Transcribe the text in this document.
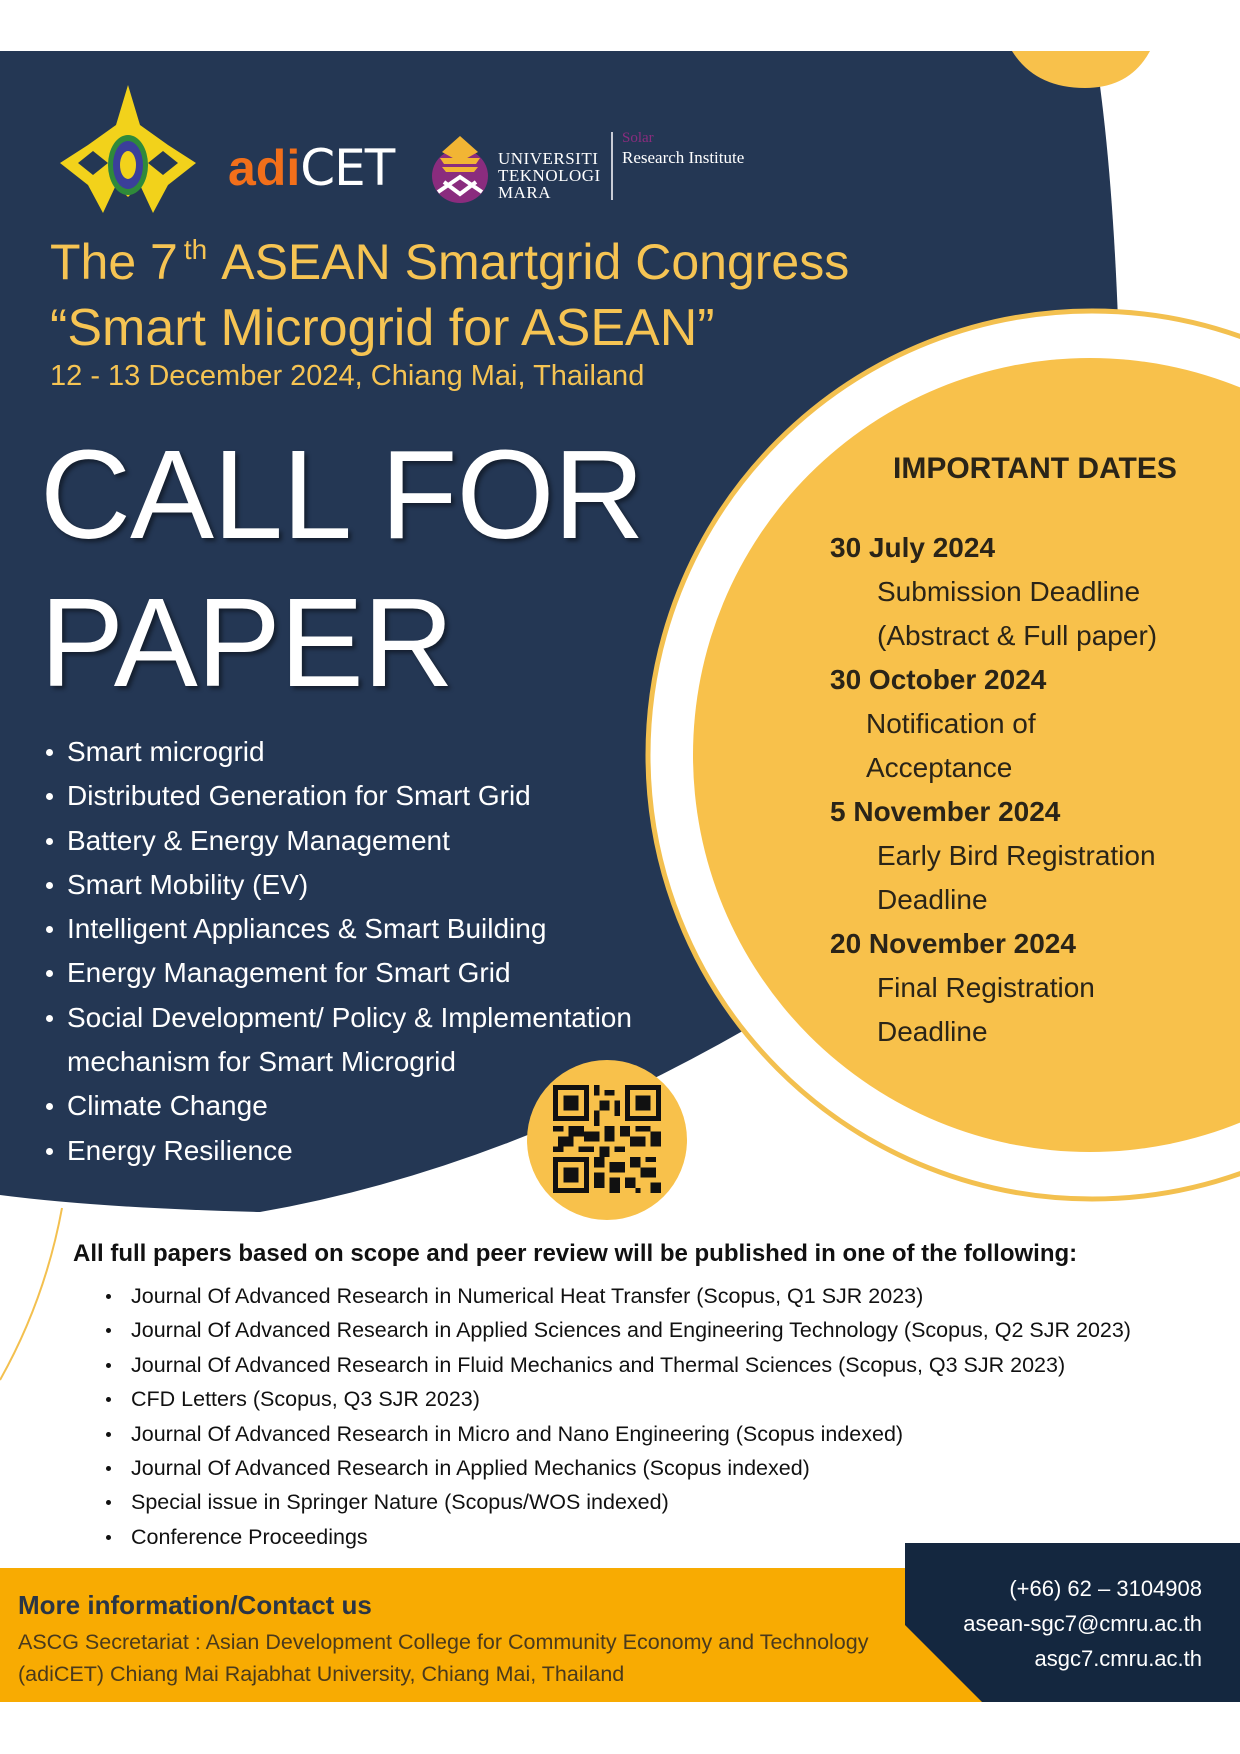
adiCET	UNIVERSITI
TEKNOLOGI
MARA
Solar
Research Institute
The 7 $^{th}$ ASEAN Smartgrid Congress
“Smart Microgrid for ASEAN”
12 - 13 December 2024, Chiang Mai, Thailand
CALL FOR
PAPER
Smart microgrid
Distributed Generation for Smart Grid
Battery & Energy Management
Smart Mobility (EV)
Intelligent Appliances & Smart Building
Energy Management for Smart Grid
Social Development/ Policy & Implementation
mechanism for Smart Microgrid
Climate Change
Energy Resilience
IMPORTANT DATES
30 July 2024
Submission Deadline
(Abstract & Full paper)
30 October 2024
Notification of
Acceptance
5 November 2024
Early Bird Registration
Deadline
20 November 2024
Final Registration
Deadline
All full papers based on scope and peer review will be published in one of the following:
Journal Of Advanced Research in Numerical Heat Transfer (Scopus, Q1 SJR 2023)
Journal Of Advanced Research in Applied Sciences and Engineering Technology (Scopus, Q2 SJR 2023)
Journal Of Advanced Research in Fluid Mechanics and Thermal Sciences (Scopus, Q3 SJR 2023)
CFD Letters (Scopus, Q3 SJR 2023)
Journal Of Advanced Research in Micro and Nano Engineering (Scopus indexed)
Journal Of Advanced Research in Applied Mechanics (Scopus indexed)
Special issue in Springer Nature (Scopus/WOS indexed)
Conference Proceedings
More information/Contact us
ASCG Secretariat : Asian Development College for Community Economy and Technology
(adiCET) Chiang Mai Rajabhat University, Chiang Mai, Thailand
(+66) 62 – 3104908
asean-sgc7@cmru.ac.th
asgc7.cmru.ac.th
